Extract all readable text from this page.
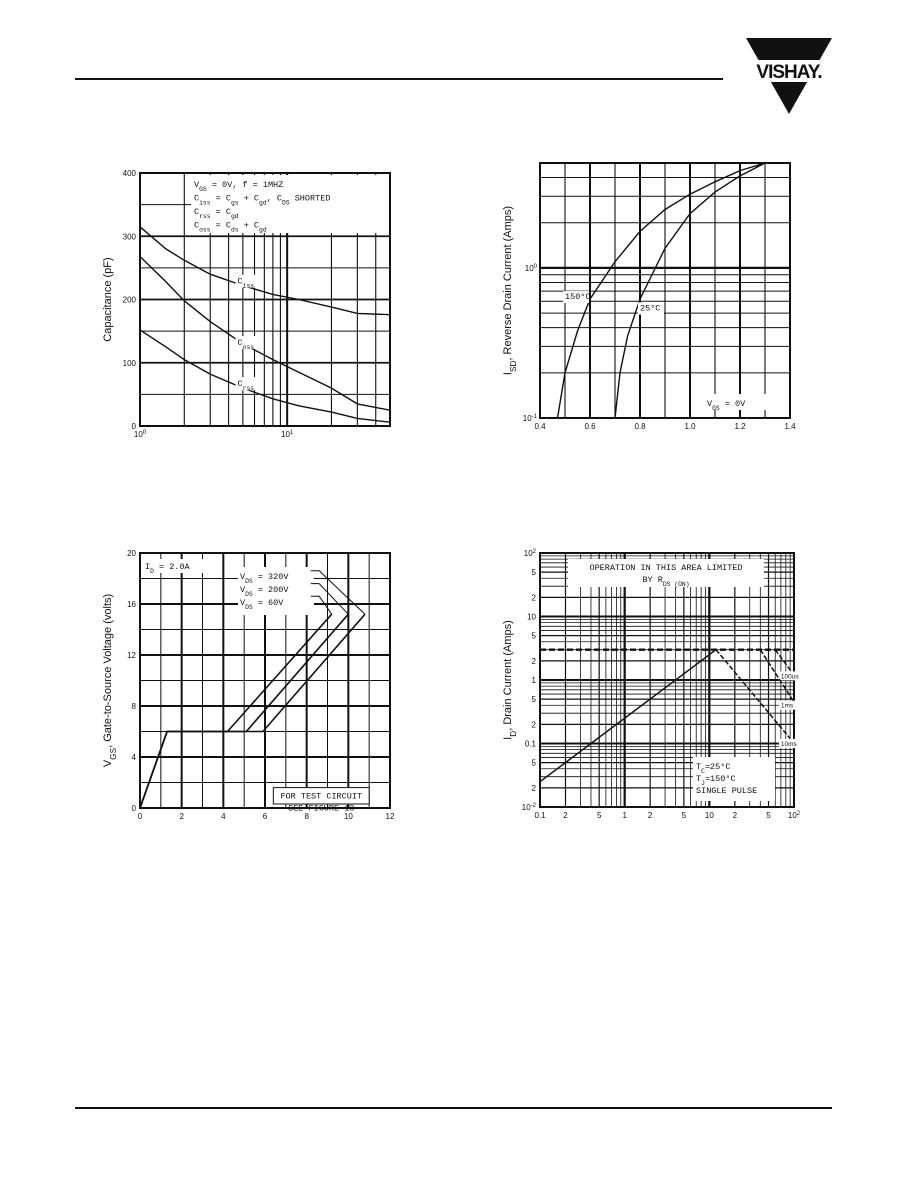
VISHAY.
0
100
200
300
400
$10^0$	$10^1$
Capacitance (pF)
$V_{GS} = 0V$, f = 1MHZ
$C_{iss} = C_{gs} + C_{gd}$, $C_{DS}$ SHORTED
$C_{rss} = C_{gd}$
$C_{oss} = C_{ds} + C_{gd}$
$C_{iss}$
$C_{oss}$
$C_{rss}$
0.4	0.6	0.8	1.0	1.2	1.4
$10^0$
$10^{-1}$
$I_{SD}$, Reverse Drain Current (Amps)	150°C
25°C
$V_{GS} = 0V$
0	2	4	6	8	10	12
0
4
8
12
16
20
$V_{GS}$, Gate-to-Source Voltage (volts)
$I_D = 2.0A$
$V_{DS} = 320V$
$V_{DS} = 200V$
$V_{DS} = 60V$
FOR TEST CIRCUIT
SEE FIGURE 13
0.1 2	5	1	2	5 10 2	5 $10^2$
$10^{-2}$
2
5
0.1
2
5
1
2
5
10
2
5
$10^2$
$I_D$, Drain Current (Amps)
OPERATION IN THIS AREA LIMITED
BY $R_{DS (ON)}$
100us
1ms
10ms
$T_C=25^\circ C$
$T_J=150^\circ C$
SINGLE PULSE
